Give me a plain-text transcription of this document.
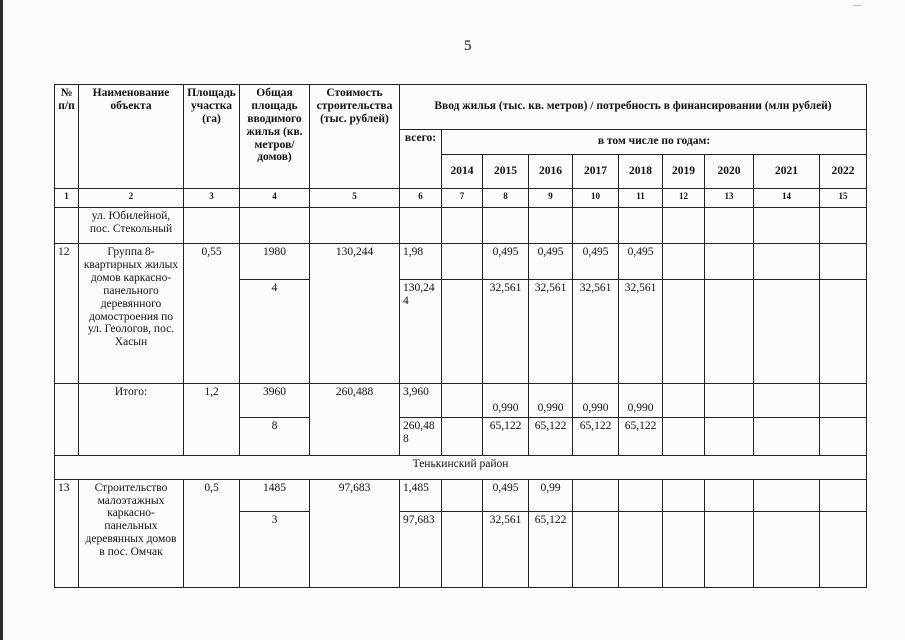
—
5
№ п/п	Наименование объекта	Площадь участка (га)	Общая площадь вводимого жилья (кв. метров/ домов)	Стоимость строительства (тыс. рублей)	Ввод жилья (тыс. кв. метров) / потребность в финансировании (млн рублей)									
					всего:	в том числе по годам:								
						2014	2015	2016	2017	2018	2019	2020	2021	2022
1	2	3	4	5	6	7	8	9	10	11	12	13	14	15
	ул. Юбилейной, пос. Стекольный													
12	Группа 8-квартирных жилых домов каркасно-панельного деревянного домостроения по ул. Геологов, пос. Хасын	0,55	1980	130,244	1,98		0,495	0,495	0,495	0,495				
			4		130,244		32,561	32,561	32,561	32,561				
	Итого:	1,2	3960	260,488	3,960		0,990	0,990	0,990	0,990				
			8		260,488		65,122	65,122	65,122	65,122				
Тенькинский район														
13	Строительство малоэтажных каркасно-панельных деревянных домов в пос. Омчак	0,5	1485	97,683	1,485		0,495	0,99						
			3		97,683		32,561	65,122						
